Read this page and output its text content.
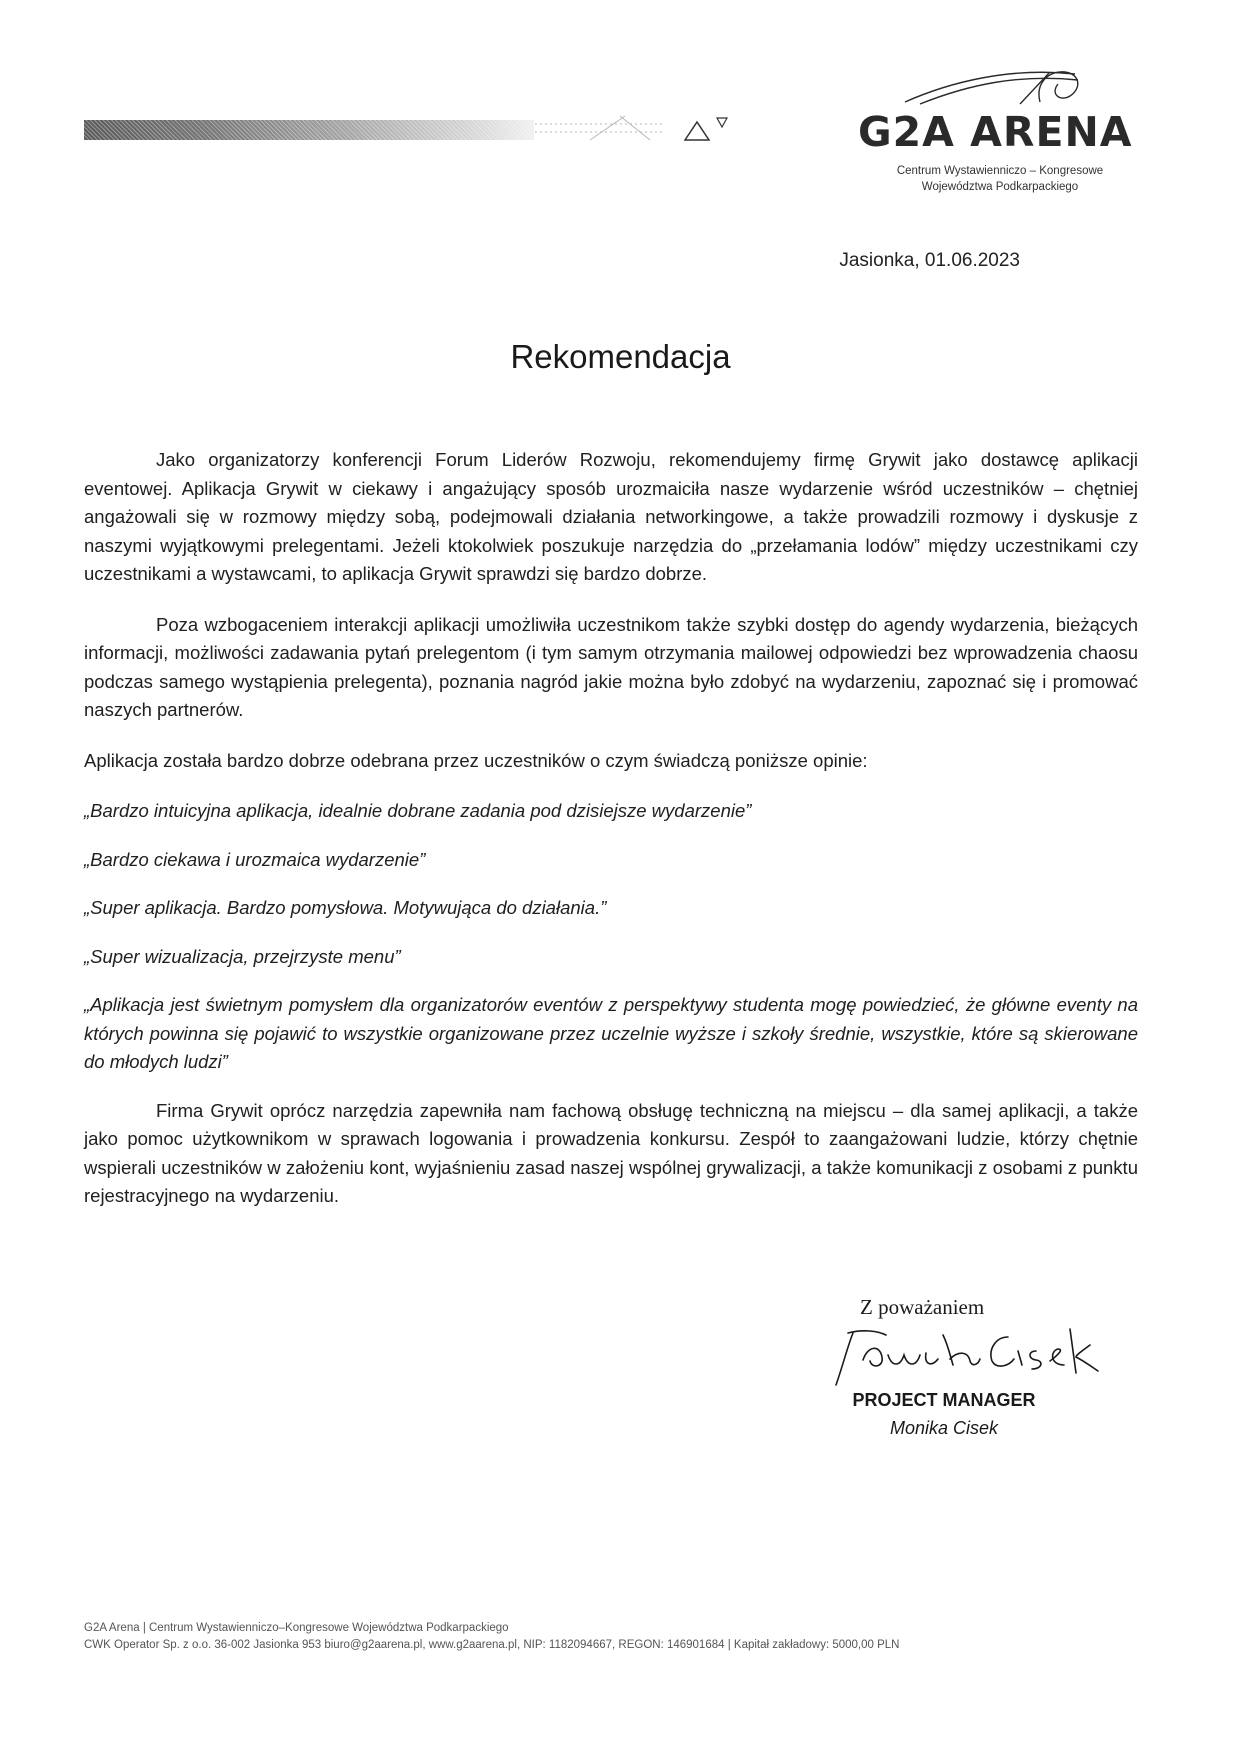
G2A ARENA
Centrum Wystawienniczo – Kongresowe
Województwa Podkarpackiego
Jasionka, 01.06.2023
Rekomendacja

Jako organizatorzy konferencji Forum Liderów Rozwoju, rekomendujemy firmę Grywit jako dostawcę aplikacji eventowej. Aplikacja Grywit w ciekawy i angażujący sposób urozmaiciła nasze wydarzenie wśród uczestników – chętniej angażowali się w rozmowy między sobą, podejmowali działania networkingowe, a także prowadzili rozmowy i dyskusje z naszymi wyjątkowymi prelegentami. Jeżeli ktokolwiek poszukuje narzędzia do „przełamania lodów” między uczestnikami czy uczestnikami a wystawcami, to aplikacja Grywit sprawdzi się bardzo dobrze.

Poza wzbogaceniem interakcji aplikacji umożliwiła uczestnikom także szybki dostęp do agendy wydarzenia, bieżących informacji, możliwości zadawania pytań prelegentom (i tym samym otrzymania mailowej odpowiedzi bez wprowadzenia chaosu podczas samego wystąpienia prelegenta), poznania nagród jakie można było zdobyć na wydarzeniu, zapoznać się i promować naszych partnerów.

Aplikacja została bardzo dobrze odebrana przez uczestników o czym świadczą poniższe opinie:

„Bardzo intuicyjna aplikacja, idealnie dobrane zadania pod dzisiejsze wydarzenie”

„Bardzo ciekawa i urozmaica wydarzenie”

„Super aplikacja. Bardzo pomysłowa. Motywująca do działania.”

„Super wizualizacja, przejrzyste menu”

„Aplikacja jest świetnym pomysłem dla organizatorów eventów z perspektywy studenta mogę powiedzieć, że główne eventy na których powinna się pojawić to wszystkie organizowane przez uczelnie wyższe i szkoły średnie, wszystkie, które są skierowane do młodych ludzi”

Firma Grywit oprócz narzędzia zapewniła nam fachową obsługę techniczną na miejscu – dla samej aplikacji, a także jako pomoc użytkownikom w sprawach logowania i prowadzenia konkursu. Zespół to zaangażowani ludzie, którzy chętnie wspierali uczestników w założeniu kont, wyjaśnieniu zasad naszej wspólnej grywalizacji, a także komunikacji z osobami z punktu rejestracyjnego na wydarzeniu.

Z poważaniem
PROJECT MANAGER
Monika Cisek
G2A Arena | Centrum Wystawienniczo–Kongresowe Województwa Podkarpackiego
CWK Operator Sp. z o.o. 36-002 Jasionka 953 biuro@g2aarena.pl, www.g2aarena.pl, NIP: 1182094667, REGON: 146901684 | Kapitał zakładowy: 5000,00 PLN
